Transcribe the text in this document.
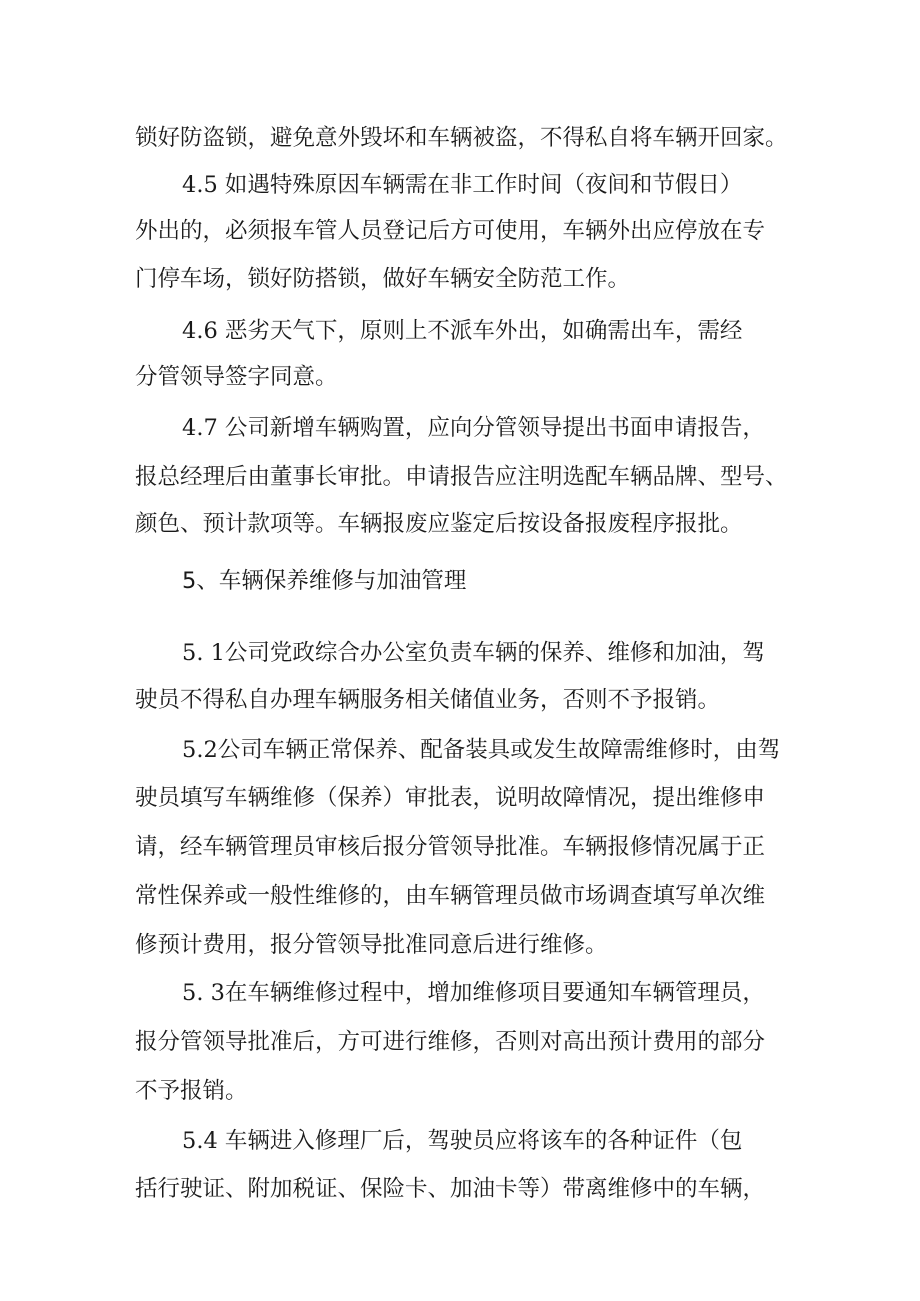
锁好防盗锁，避免意外毁坏和车辆被盗，不得私自将车辆开回家。
4.5 如遇特殊原因车辆需在非工作时间（夜间和节假日）
外出的，必须报车管人员登记后方可使用，车辆外出应停放在专
门停车场，锁好防搭锁，做好车辆安全防范工作。
4.6 恶劣天气下，原则上不派车外出，如确需出车，需经
分管领导签字同意。
4.7 公司新增车辆购置，应向分管领导提出书面申请报告，
报总经理后由董事长审批。申请报告应注明选配车辆品牌、型号、
颜色、预计款项等。车辆报废应鉴定后按设备报废程序报批。
5、车辆保养维修与加油管理
5. 1公司党政综合办公室负责车辆的保养、维修和加油，驾
驶员不得私自办理车辆服务相关储值业务，否则不予报销。
5.2公司车辆正常保养、配备装具或发生故障需维修时，由驾
驶员填写车辆维修（保养）审批表，说明故障情况，提出维修申
请，经车辆管理员审核后报分管领导批准。车辆报修情况属于正
常性保养或一般性维修的，由车辆管理员做市场调查填写单次维
修预计费用，报分管领导批准同意后进行维修。
5. 3在车辆维修过程中，增加维修项目要通知车辆管理员，
报分管领导批准后，方可进行维修，否则对高出预计费用的部分
不予报销。
5.4 车辆进入修理厂后，驾驶员应将该车的各种证件（包
括行驶证、附加税证、保险卡、加油卡等）带离维修中的车辆，
